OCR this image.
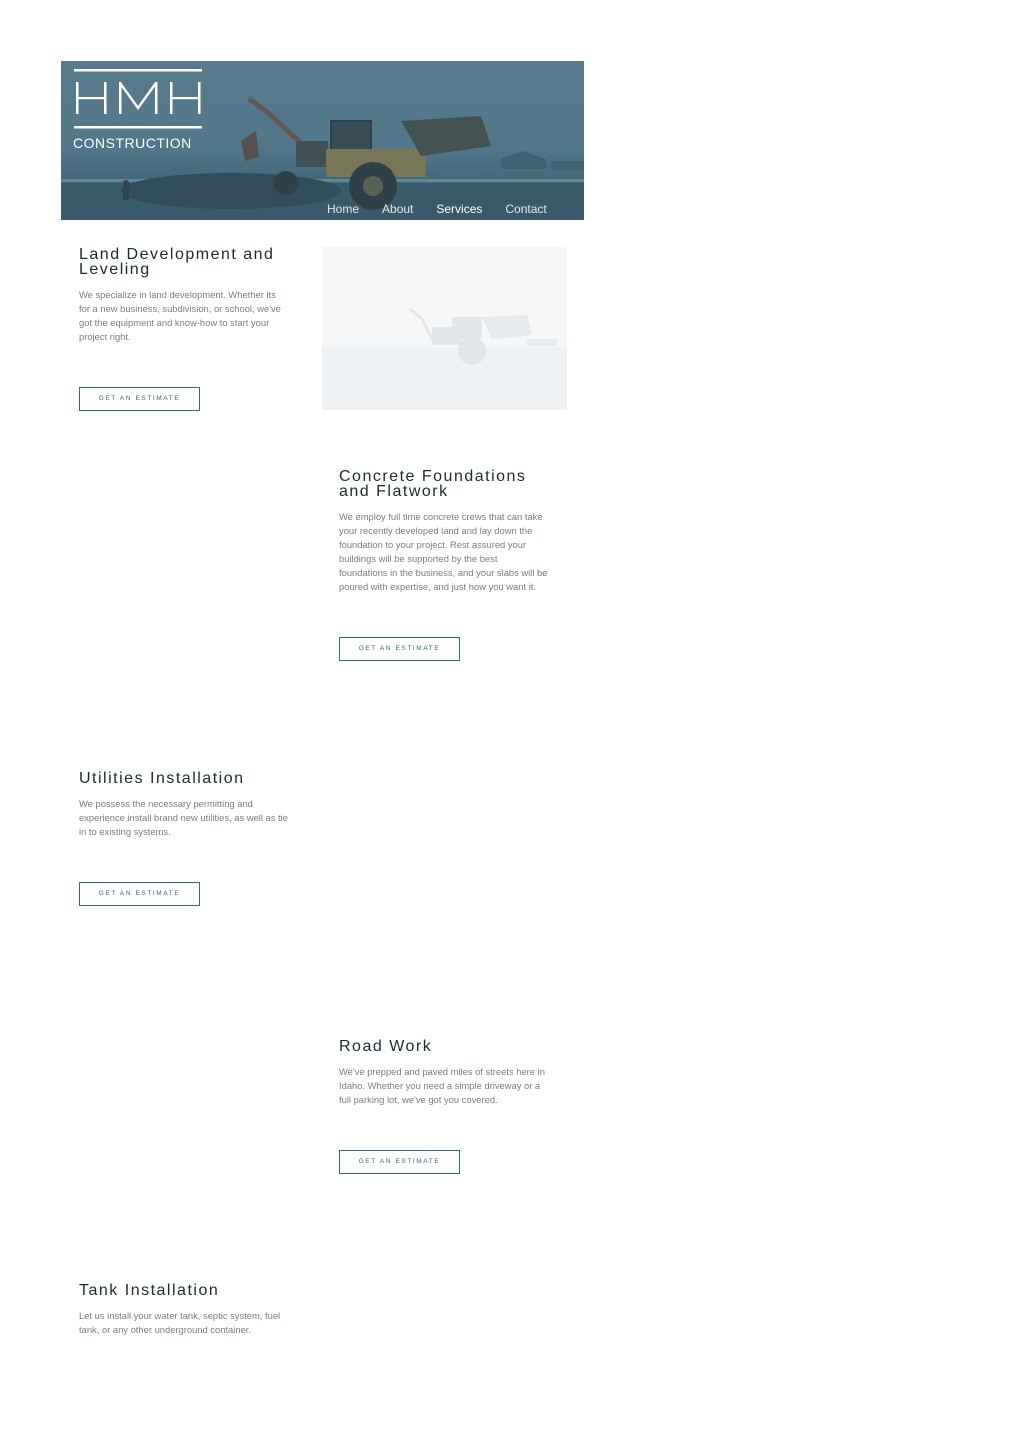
CONSTRUCTION
Home About Services Contact
Land Development and
Leveling

We specialize in land development. Whether its
for a new business, subdivision, or school, we've
got the equipment and know-how to start your
project right.

GET AN ESTIMATE
Concrete Foundations
and Flatwork

We employ full time concrete crews that can take
your recently developed land and lay down the
foundation to your project. Rest assured your
buildings will be supported by the best
foundations in the business, and your slabs will be
poured with expertise, and just how you want it.

GET AN ESTIMATE
Utilities Installation

We possess the necessary permitting and
experience install brand new utilities, as well as tie
in to existing systems.

GET AN ESTIMATE
Road Work

We've prepped and paved miles of streets here in
Idaho. Whether you need a simple driveway or a
full parking lot, we've got you covered.

GET AN ESTIMATE
Tank Installation

Let us install your water tank, septic system, fuel
tank, or any other underground container.
